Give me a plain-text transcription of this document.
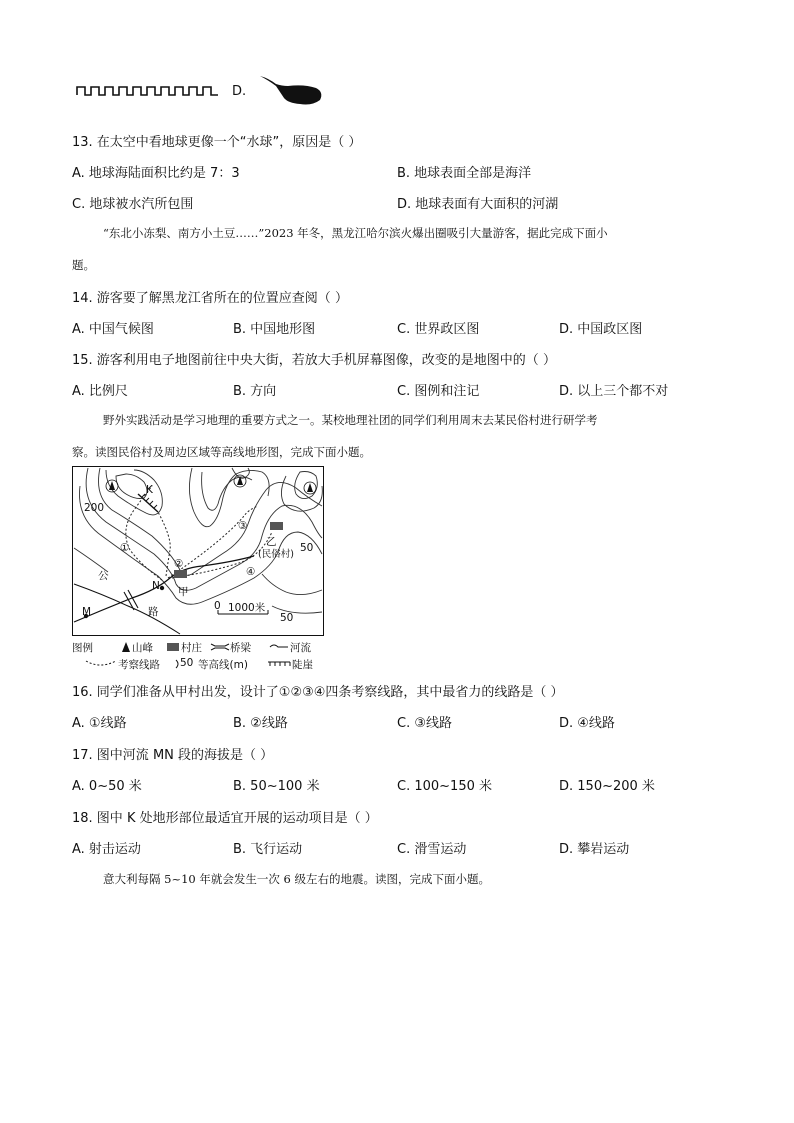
D.
13. 在太空中看地球更像一个“水球”，原因是（ ）
A. 地球海陆面积比约是 7：3	B. 地球表面全部是海洋
C. 地球被水汽所包围	D. 地球表面有大面积的河湖
“东北小冻梨、南方小土豆……”2023 年冬，黑龙江哈尔滨火爆出圈吸引大量游客，据此完成下面小
题。
14. 游客要了解黑龙江省所在的位置应查阅（ ）
A. 中国气候图	B. 中国地形图	C. 世界政区图	D. 中国政区图
15. 游客利用电子地图前往中央大街，若放大手机屏幕图像，改变的是地图中的（ ）
A. 比例尺	B. 方向	C. 图例和注记	D. 以上三个都不对
野外实践活动是学习地理的重要方式之一。某校地理社团的同学们利用周末去某民俗村进行研学考
察。读图民俗村及周边区域等高线地形图，完成下面小题。
200
50
50
K
①
②
③
④
乙
(民俗村)
甲
N
M
公
路	0 1000米
图例	山峰	村庄	桥梁	河流
考察线路 50 等高线(m)	陡崖
16. 同学们准备从甲村出发，设计了①②③④四条考察线路，其中最省力的线路是（ ）
A. ①线路	B. ②线路	C. ③线路	D. ④线路
17. 图中河流 MN 段的海拔是（ ）
A. 0~50 米	B. 50~100 米	C. 100~150 米	D. 150~200 米
18. 图中 K 处地形部位最适宜开展的运动项目是（ ）
A. 射击运动	B. 飞行运动	C. 滑雪运动	D. 攀岩运动
意大利每隔 5~10 年就会发生一次 6 级左右的地震。读图，完成下面小题。
